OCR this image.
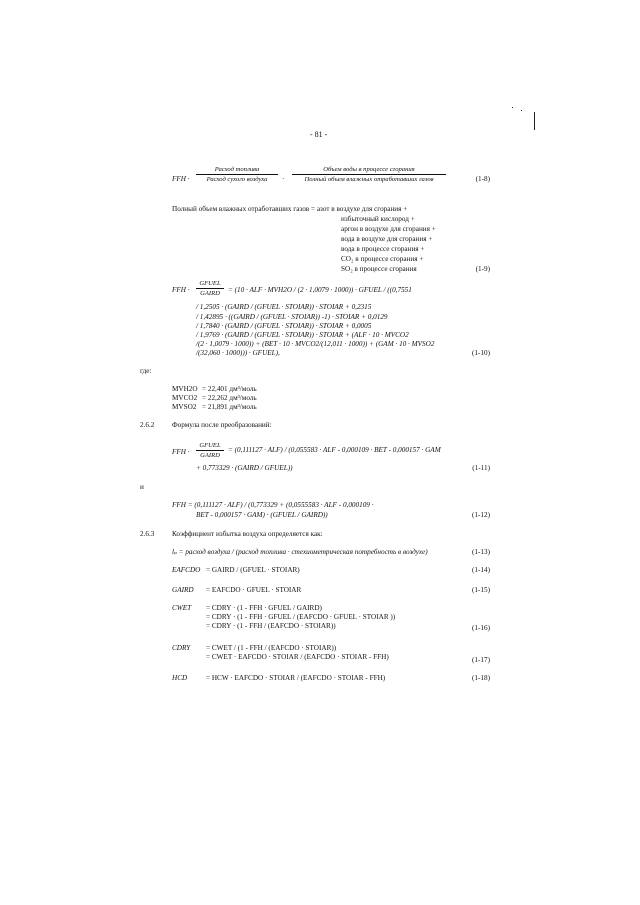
- 81 -
FFH ·
Расход топлива
Расход сухого воздуха	·
Объем воды в процессе сгорания
Полный объем влажных отработавших газов	(1-8)
Полный объем влажных отработавших газов = азот в воздухе для сгорания +
избыточный кислород +
аргон в воздухе для сгорания +
вода в воздухе для сгорания +
вода в процессе сгорания +
CO₂ в процессе сгорания +
SO₂ в процессе сгорания	(1-9)
FFH ·
GFUEL
GAIRD	= (10 · ALF · MVH2O / (2 · 1,0079 · 1000)) · GFUEL / ((0,7551
/ 1,2505 · (GAIRD / (GFUEL · STOIAR)) · STOIAR + 0,2315
/ 1,42895 · ((GAIRD / (GFUEL · STOIAR)) -1) · STOIAR + 0,0129
/ 1,7840 · (GAIRD / (GFUEL · STOIAR)) · STOIAR + 0,0005
/ 1,9769 · (GAIRD / (GFUEL · STOIAR)) · STOIAR + (ALF · 10 · MVCO2
/(2 · 1,0079 · 1000)) + (BET · 10 · MVCO2/(12,011 · 1000)) + (GAM · 10 · MVSO2
/(32,060 · 1000))) · GFUEL),	(1-10)
где:
MVH2O = 22,401 дм³/моль
MVCO2 = 22,262 дм³/моль
MVSO2 = 21,891 дм³/моль
2.6.2 Формула после преобразований:
FFH ·
GFUEL
GAIRD
= (0,111127 · ALF) / (0,055583 · ALF - 0,000109 · BET - 0,000157 · GAM
+ 0,773329 · (GAIRD / GFUEL))	(1-11)
и
FFH = (0,111127 · ALF) / (0,773329 + (0,0555583 · ALF - 0,000109 ·
BET - 0,000157 · GAM) · (GFUEL / GAIRD))	(1-12)
2.6.3 Коэффициент избытка воздуха определяется как:
lₚ = расход воздуха / (расход топлива · стехиометрическая потребность в воздухе)	(1-13)
EAFCDO = GAIRD / (GFUEL · STOIAR)	(1-14)
GAIRD = EAFCDO · GFUEL · STOIAR	(1-15)
CWET = CDRY · (1 - FFH · GFUEL / GAIRD)
= CDRY · (1 - FFH · GFUEL / (EAFCDO · GFUEL · STOIAR ))
= CDRY · (1 - FFH / (EAFCDO · STOIAR))	(1-16)
CDRY = CWET / (1 - FFH / (EAFCDO · STOIAR))
= CWET · EAFCDO · STOIAR / (EAFCDO · STOIAR - FFH)	(1-17)
HCD	= HCW · EAFCDO · STOIAR / (EAFCDO · STOIAR - FFH)	(1-18)
